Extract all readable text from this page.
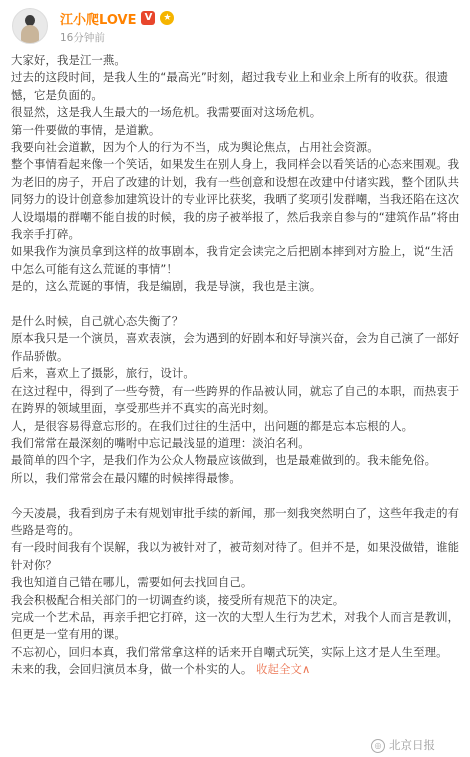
江小爬LOVE V	★
16分钟前

大家好，我是江一燕。

过去的这段时间，是我人生的“最高光”时刻，超过我专业上和业余上所有的收获。很遗憾，它是负面的。

很显然，这是我人生最大的一场危机。我需要面对这场危机。

第一件要做的事情，是道歉。

我要向社会道歉，因为个人的行为不当，成为舆论焦点，占用社会资源。

整个事情看起来像一个笑话，如果发生在别人身上，我同样会以看笑话的心态来围观。我为老旧的房子，开启了改建的计划，我有一些创意和设想在改建中付诸实践，整个团队共同努力的设计创意参加建筑设计的专业评比获奖，我晒了奖项引发群嘲，当我还陷在这次人设塌塌的群嘲不能自拔的时候，我的房子被举报了，然后我亲自参与的“建筑作品”将由我亲手打碎。

如果我作为演员拿到这样的故事剧本，我肯定会读完之后把剧本摔到对方脸上，说“生活中怎么可能有这么荒诞的事情”！

是的，这么荒诞的事情，我是编剧，我是导演，我也是主演。

是什么时候，自己就心态失衡了？

原本我只是一个演员，喜欢表演，会为遇到的好剧本和好导演兴奋，会为自己演了一部好作品骄傲。

后来，喜欢上了摄影，旅行，设计。

在这过程中，得到了一些夸赞，有一些跨界的作品被认同，就忘了自己的本职，而热衷于在跨界的领域里面，享受那些并不真实的高光时刻。

人，是很容易得意忘形的。在我们过往的生活中，出问题的都是忘本忘根的人。

我们常常在最深刻的嘴咐中忘记最浅显的道理：淡泊名利。

最简单的四个字，是我们作为公众人物最应该做到，也是最难做到的。我未能免俗。

所以，我们常常会在最闪耀的时候摔得最惨。

今天凌晨，我看到房子未有规划审批手续的新闻，那一刻我突然明白了，这些年我走的有些路是弯的。

有一段时间我有个误解，我以为被针对了，被苛刻对待了。但并不是，如果没做错，谁能针对你？

我也知道自己错在哪儿，需要如何去找回自己。

我会积极配合相关部门的一切调查约谈，接受所有规范下的决定。

完成一个艺术品，再亲手把它打碎，这一次的大型人生行为艺术，对我个人而言是教训，但更是一堂有用的课。

不忘初心，回归本真，我们常常拿这样的话来开自嘲式玩笑，实际上这才是人生至理。

未来的我，会回归演员本身，做一个朴实的人。 收起全文∧

◎ 北京日报
